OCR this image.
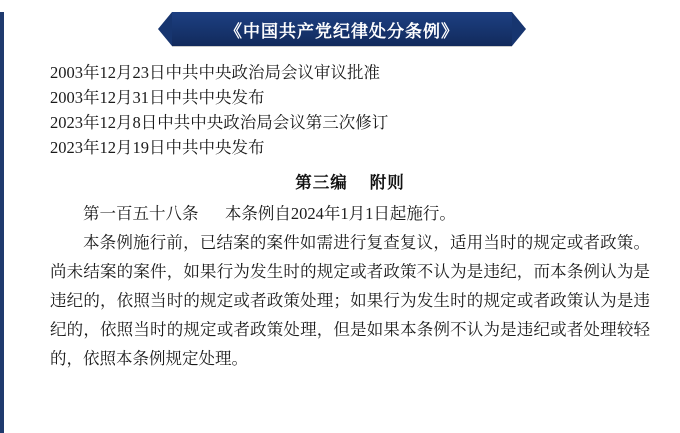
《中国共产党纪律处分条例》
2003年12月23日中共中央政治局会议审议批准
2003年12月31日中共中央发布
2023年12月8日中共中央政治局会议第三次修订
2023年12月19日中共中央发布
第三编 附则

第一百五十八条 本条例自2024年1月1日起施行。

本条例施行前，已结案的案件如需进行复查复议，适用当时的规定或者政策。尚未结案的案件，如果行为发生时的规定或者政策不认为是违纪，而本条例认为是违纪的，依照当时的规定或者政策处理；如果行为发生时的规定或者政策认为是违纪的，依照当时的规定或者政策处理，但是如果本条例不认为是违纪或者处理较轻的，依照本条例规定处理。
